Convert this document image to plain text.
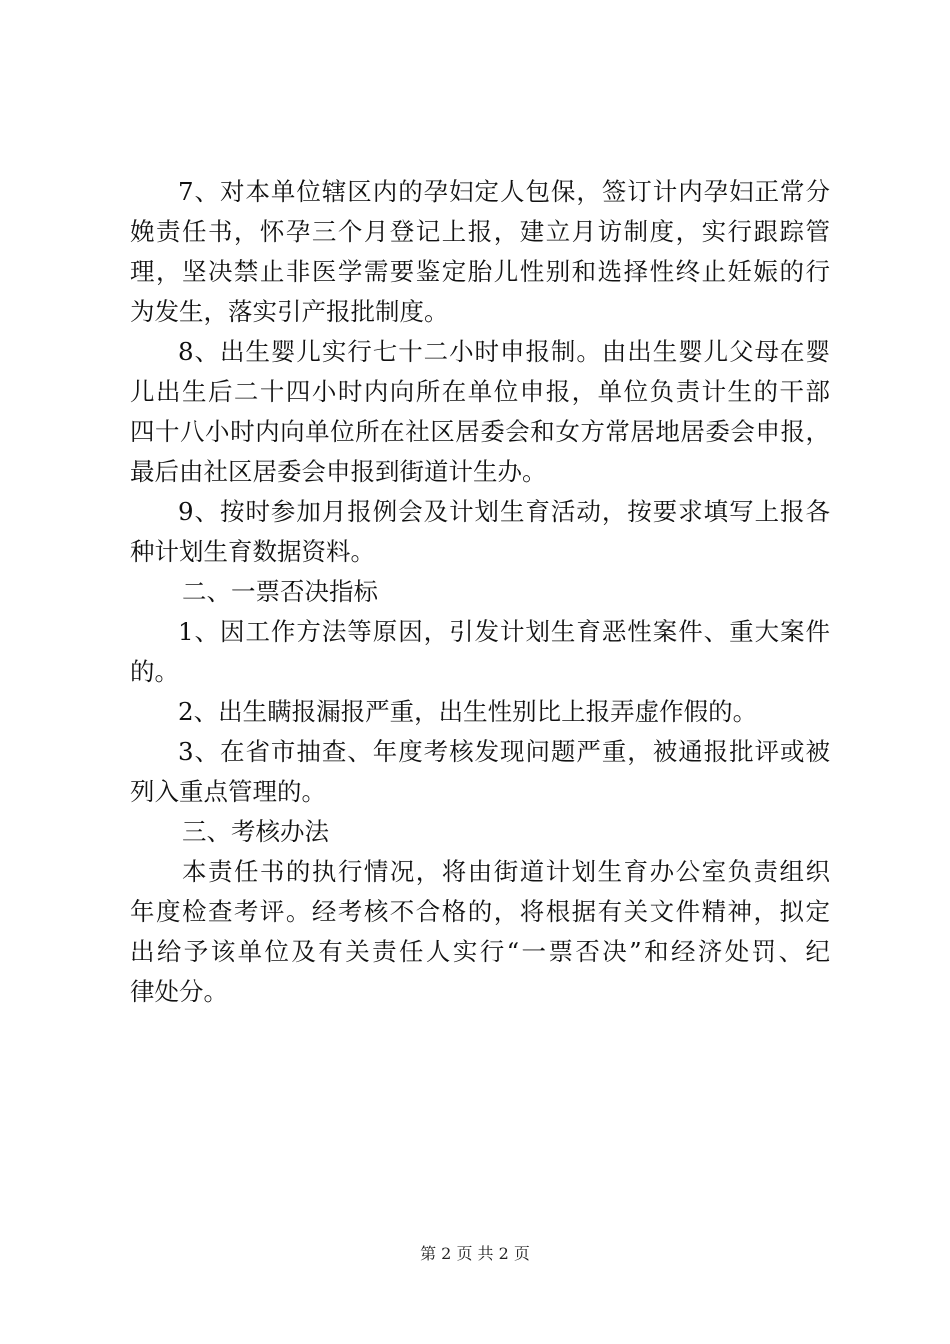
7、对本单位辖区内的孕妇定人包保，签订计内孕妇正常分
娩责任书，怀孕三个月登记上报，建立月访制度，实行跟踪管
理，坚决禁止非医学需要鉴定胎儿性别和选择性终止妊娠的行
为发生，落实引产报批制度。
8、出生婴儿实行七十二小时申报制。由出生婴儿父母在婴
儿出生后二十四小时内向所在单位申报，单位负责计生的干部
四十八小时内向单位所在社区居委会和女方常居地居委会申报，
最后由社区居委会申报到街道计生办。
9、按时参加月报例会及计划生育活动，按要求填写上报各
种计划生育数据资料。
二、一票否决指标
1、因工作方法等原因，引发计划生育恶性案件、重大案件
的。
2、出生瞒报漏报严重，出生性别比上报弄虚作假的。
3、在省市抽查、年度考核发现问题严重，被通报批评或被
列入重点管理的。
三、考核办法
本责任书的执行情况，将由街道计划生育办公室负责组织
年度检查考评。经考核不合格的，将根据有关文件精神，拟定
出给予该单位及有关责任人实行“一票否决”和经济处罚、纪
律处分。
第 2 页 共 2 页
